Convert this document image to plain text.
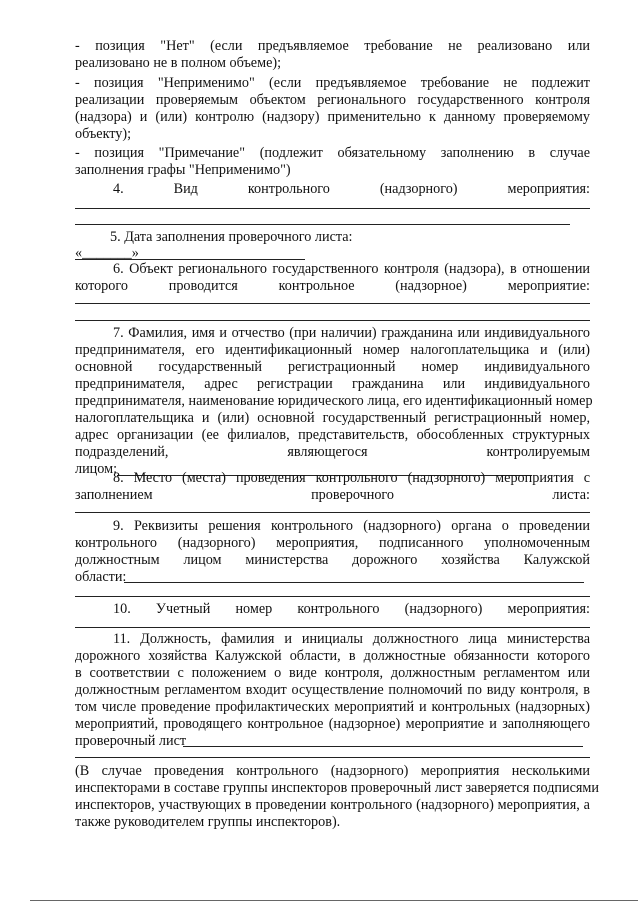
- позиция "Нет" (если предъявляемое требование не реализовано или
реализовано не в полном объеме);
- позиция "Неприменимо" (если предъявляемое требование не подлежит
реализации проверяемым объектом регионального государственного контроля
(надзора) и (или) контролю (надзору) применительно к данному проверяемому
объекту);
- позиция "Примечание" (подлежит обязательному заполнению в случае
заполнения графы "Неприменимо")
4. Вид контрольного (надзорного) мероприятия:
5. Дата заполнения проверочного листа:
«_______»
6. Объект регионального государственного контроля (надзора), в отношении
которого проводится контрольное (надзорное) мероприятие:
7. Фамилия, имя и отчество (при наличии) гражданина или индивидуального
предпринимателя, его идентификационный номер налогоплательщика и (или)
основной государственный регистрационный номер индивидуального
предпринимателя, адрес регистрации гражданина или индивидуального
предпринимателя, наименование юридического лица, его идентификационный номер
налогоплательщика и (или) основной государственный регистрационный номер,
адрес организации (ее филиалов, представительств, обособленных структурных
подразделений, являющегося контролируемым
лицом:
8. Место (места) проведения контрольного (надзорного) мероприятия с
заполнением проверочного листа:
9. Реквизиты решения контрольного (надзорного) органа о проведении
контрольного (надзорного) мероприятия, подписанного уполномоченным
должностным лицом министерства дорожного хозяйства Калужской
области:
10. Учетный номер контрольного (надзорного) мероприятия:
11. Должность, фамилия и инициалы должностного лица министерства
дорожного хозяйства Калужской области, в должностные обязанности которого
в соответствии с положением о виде контроля, должностным регламентом или
должностным регламентом входит осуществление полномочий по виду контроля, в
том числе проведение профилактических мероприятий и контрольных (надзорных)
мероприятий, проводящего контрольное (надзорное) мероприятие и заполняющего
проверочный лист
(В случае проведения контрольного (надзорного) мероприятия несколькими
инспекторами в составе группы инспекторов проверочный лист заверяется подписями
инспекторов, участвующих в проведении контрольного (надзорного) мероприятия, а
также руководителем группы инспекторов).
